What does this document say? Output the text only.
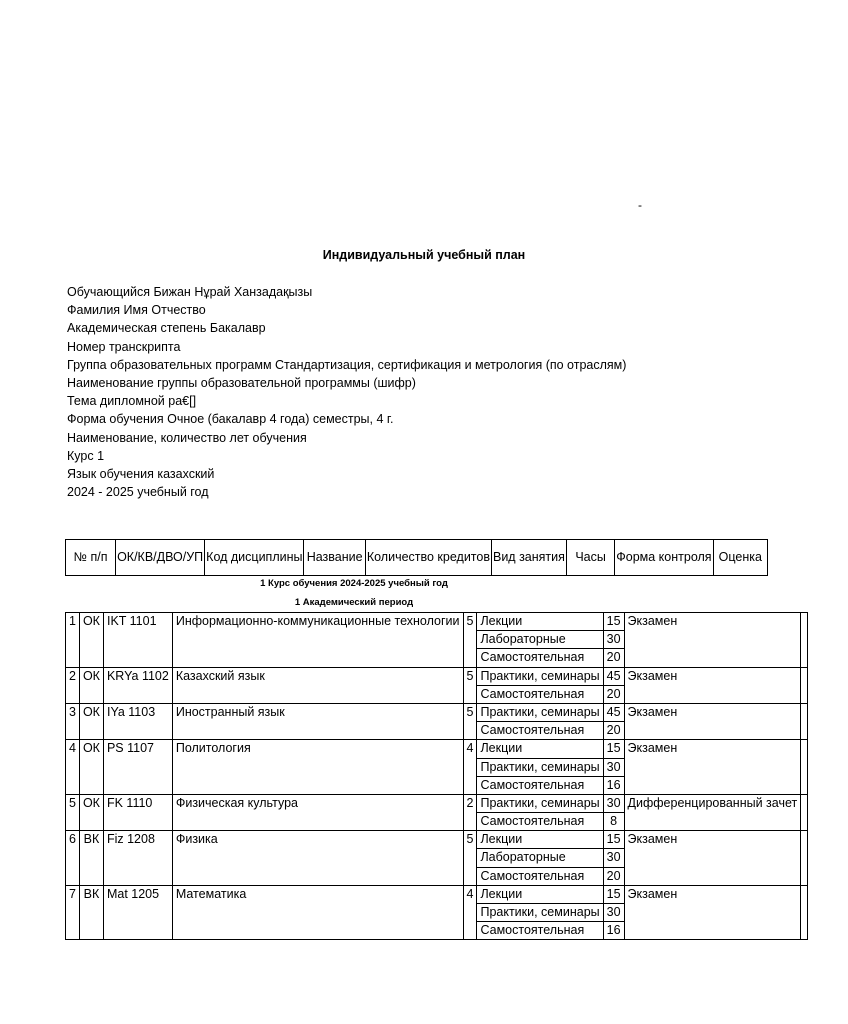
-
Индивидуальный учебный план
Обучающийся Бижан Нұрай Ханзадақызы
Фамилия Имя Отчество
Академическая степень Бакалавр
Номер транскрипта
Группа образовательных программ Стандартизация, сертификация и метрология (по отраслям)
Наименование группы образовательной программы (шифр)
Тема дипломной ра€[]
Форма обучения Очное (бакалавр 4 года) семестры, 4 г.
Наименование, количество лет обучения
Курс 1
Язык обучения казахский
2024 - 2025 учебный год
№ п/п	ОК/КВ/ДВО/УП	Код дисциплины	Название	Количество кредитов	Вид занятия	Часы	Форма контроля	Оценка
1 Курс обучения 2024-2025 учебный год
1 Академический период
1	ОК	IKT 1101	Информационно-коммуникационные технологии	5	Лекции	15	Экзамен	
					Лабораторные	30		
					Самостоятельная	20		
2	ОК	KRYa 1102	Казахский язык	5	Практики, семинары	45	Экзамен	
					Самостоятельная	20		
3	ОК	IYa 1103	Иностранный язык	5	Практики, семинары	45	Экзамен	
					Самостоятельная	20		
4	ОК	PS 1107	Политология	4	Лекции	15	Экзамен	
					Практики, семинары	30		
					Самостоятельная	16		
5	ОК	FK 1110	Физическая культура	2	Практики, семинары	30	Дифференцированный зачет	
					Самостоятельная	8		
6	ВК	Fiz 1208	Физика	5	Лекции	15	Экзамен	
					Лабораторные	30		
					Самостоятельная	20		
7	ВК	Mat 1205	Математика	4	Лекции	15	Экзамен	
					Практики, семинары	30		
					Самостоятельная	16		
